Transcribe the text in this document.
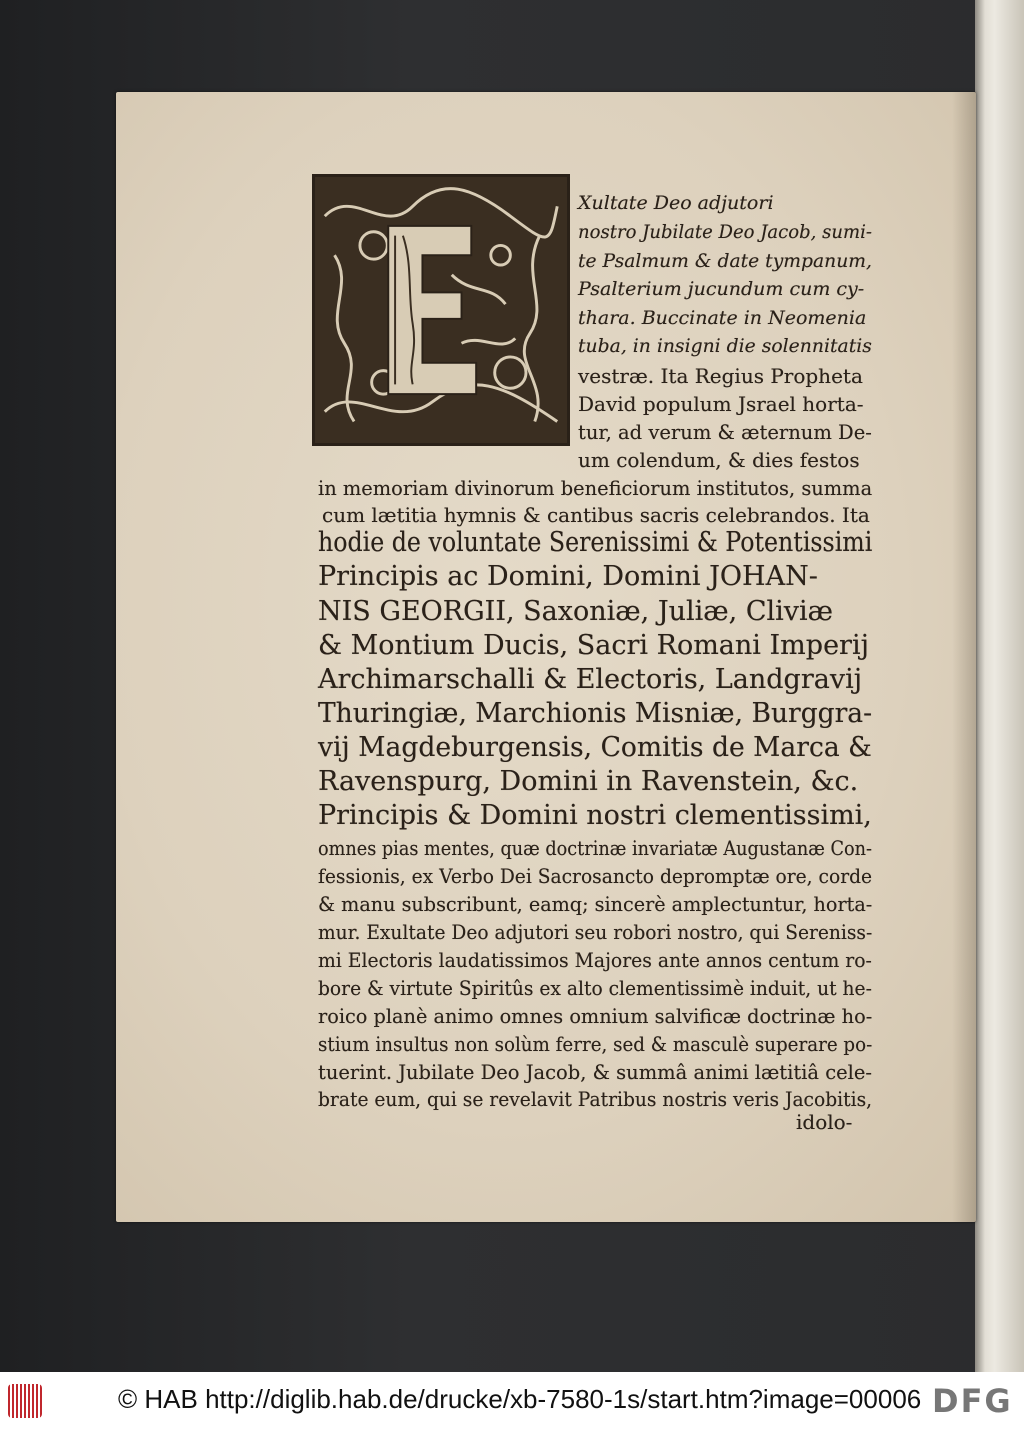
Xultate Deo adjutori
nostro Jubilate Deo Jacob, sumi-
te Psalmum & date tympanum,
Psalterium jucundum cum cy-
thara. Buccinate in Neomenia
tuba, in insigni die solennitatis
vestræ. Ita Regius Propheta
David populum Jsrael horta-
tur, ad verum & æternum De-
um colendum, & dies festos
in memoriam divinorum beneficiorum institutos, summa
cum lætitia hymnis & cantibus sacris celebrandos. Ita
hodie de voluntate Serenissimi & Potentissimi
Principis ac Domini, Domini JOHAN-
NIS GEORGII, Saxoniæ, Juliæ, Cliviæ
& Montium Ducis, Sacri Romani Imperij
Archimarschalli & Electoris, Landgravij
Thuringiæ, Marchionis Misniæ, Burggra-
vij Magdeburgensis, Comitis de Marca &
Ravenspurg, Domini in Ravenstein, &c.
Principis & Domini nostri clementissimi,
omnes pias mentes, quæ doctrinæ invariatæ Augustanæ Con-
fessionis, ex Verbo Dei Sacrosancto depromptæ ore, corde
& manu subscribunt, eamq; sincerè amplectuntur, horta-
mur. Exultate Deo adjutori seu robori nostro, qui Sereniss-
mi Electoris laudatissimos Majores ante annos centum ro-
bore & virtute Spiritûs ex alto clementissimè induit, ut he-
roico planè animo omnes omnium salvificæ doctrinæ ho-
stium insultus non solùm ferre, sed & masculè superare po-
tuerint. Jubilate Deo Jacob, & summâ animi lætitiâ cele-
brate eum, qui se revelavit Patribus nostris veris Jacobitis,
idolo-
© HAB http://diglib.hab.de/drucke/xb-7580-1s/start.htm?image=00006 DFG
